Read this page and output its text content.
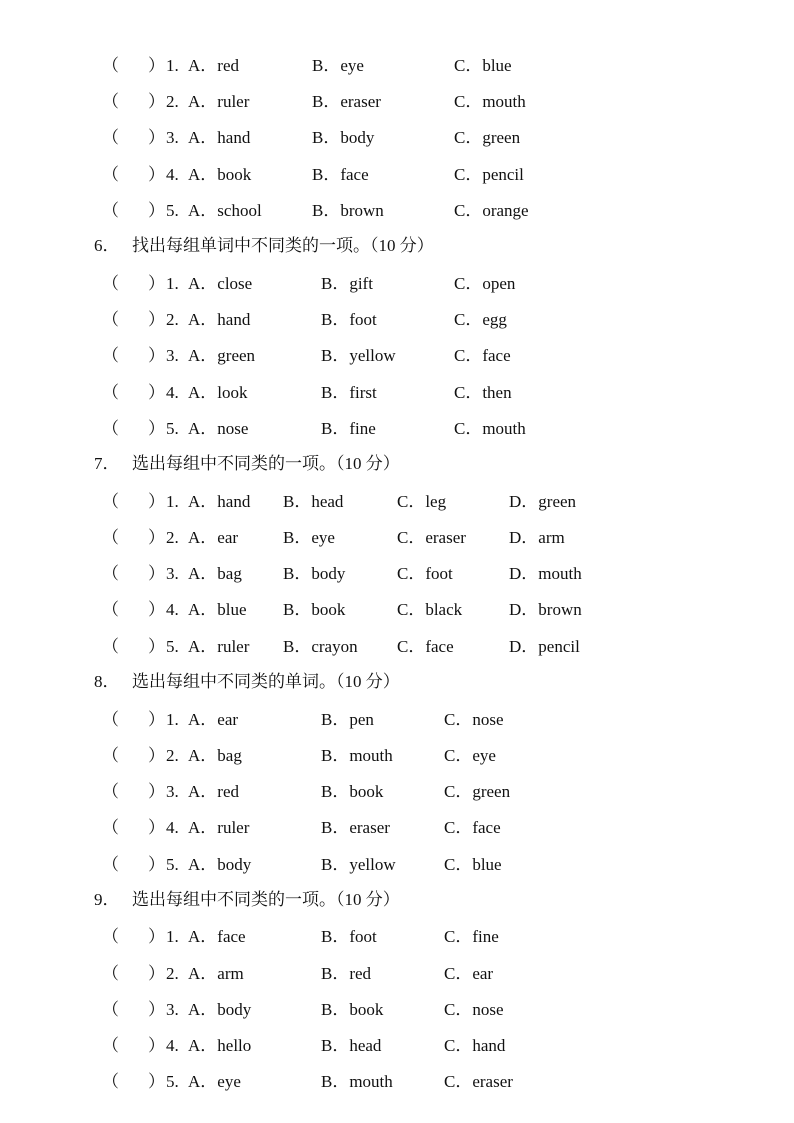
（ ） 1. A．red	B．eye	C．blue
（ ） 2. A．ruler	B．eraser	C．mouth
（ ） 3. A．hand	B．body	C．green
（ ） 4. A．book	B．face	C．pencil
（ ） 5. A．school	B．brown	C．orange
6． 找出每组单词中不同类的一项。（10 分）
（ ） 1. A．close	B．gift	C．open
（ ） 2. A．hand	B．foot	C．egg
（ ） 3. A．green	B．yellow	C．face
（ ） 4. A．look	B．first	C．then
（ ） 5. A．nose	B．fine	C．mouth
7． 选出每组中不同类的一项。（10 分）
（ ） 1. A．hand B．head	C．leg	D．green
（ ） 2. A．ear	B．eye	C．eraser	D．arm
（ ） 3. A．bag B．body	C．foot	D．mouth
（ ） 4. A．blue B．book	C．black	D．brown
（ ） 5. A．ruler B．crayon C．face	D．pencil
8． 选出每组中不同类的单词。（10 分）
（ ） 1. A．ear	B．pen	C．nose
（ ） 2. A．bag	B．mouth	C．eye
（ ） 3. A．red	B．book	C．green
（ ） 4. A．ruler	B．eraser	C．face
（ ） 5. A．body	B．yellow	C．blue
9． 选出每组中不同类的一项。（10 分）
（ ） 1. A．face	B．foot	C．fine
（ ） 2. A．arm	B．red	C．ear
（ ） 3. A．body	B．book	C．nose
（ ） 4. A．hello	B．head	C．hand
（ ） 5. A．eye	B．mouth	C．eraser
